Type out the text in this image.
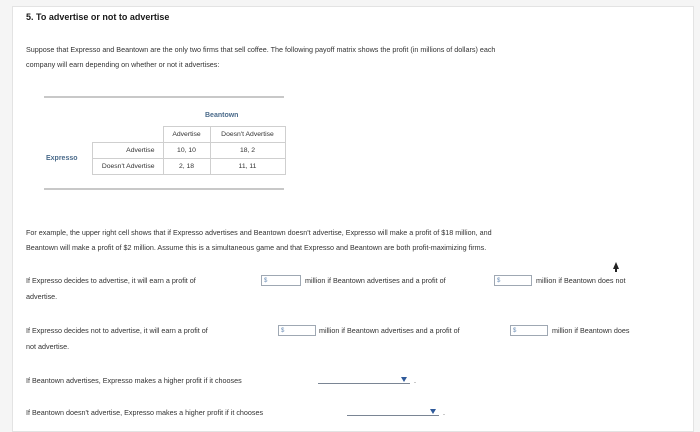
5. To advertise or not to advertise
Suppose that Expresso and Beantown are the only two firms that sell coffee. The following payoff matrix shows the profit (in millions of dollars) each
company will earn depending on whether or not it advertises:
Beantown
Expresso
	Advertise	Doesn't Advertise
Advertise	10, 10	18, 2
Doesn't Advertise	2, 18	11, 11
For example, the upper right cell shows that if Expresso advertises and Beantown doesn't advertise, Expresso will make a profit of $18 million, and
Beantown will make a profit of $2 million. Assume this is a simultaneous game and that Expresso and Beantown are both profit-maximizing firms.
If Expresso decides to advertise, it will earn a profit of	$	million if Beantown advertises and a profit of	$	million if Beantown does not
advertise.
If Expresso decides not to advertise, it will earn a profit of	$	million if Beantown advertises and a profit of	$	million if Beantown does
not advertise.
If Beantown advertises, Expresso makes a higher profit if it chooses	.
If Beantown doesn't advertise, Expresso makes a higher profit if it chooses	.
